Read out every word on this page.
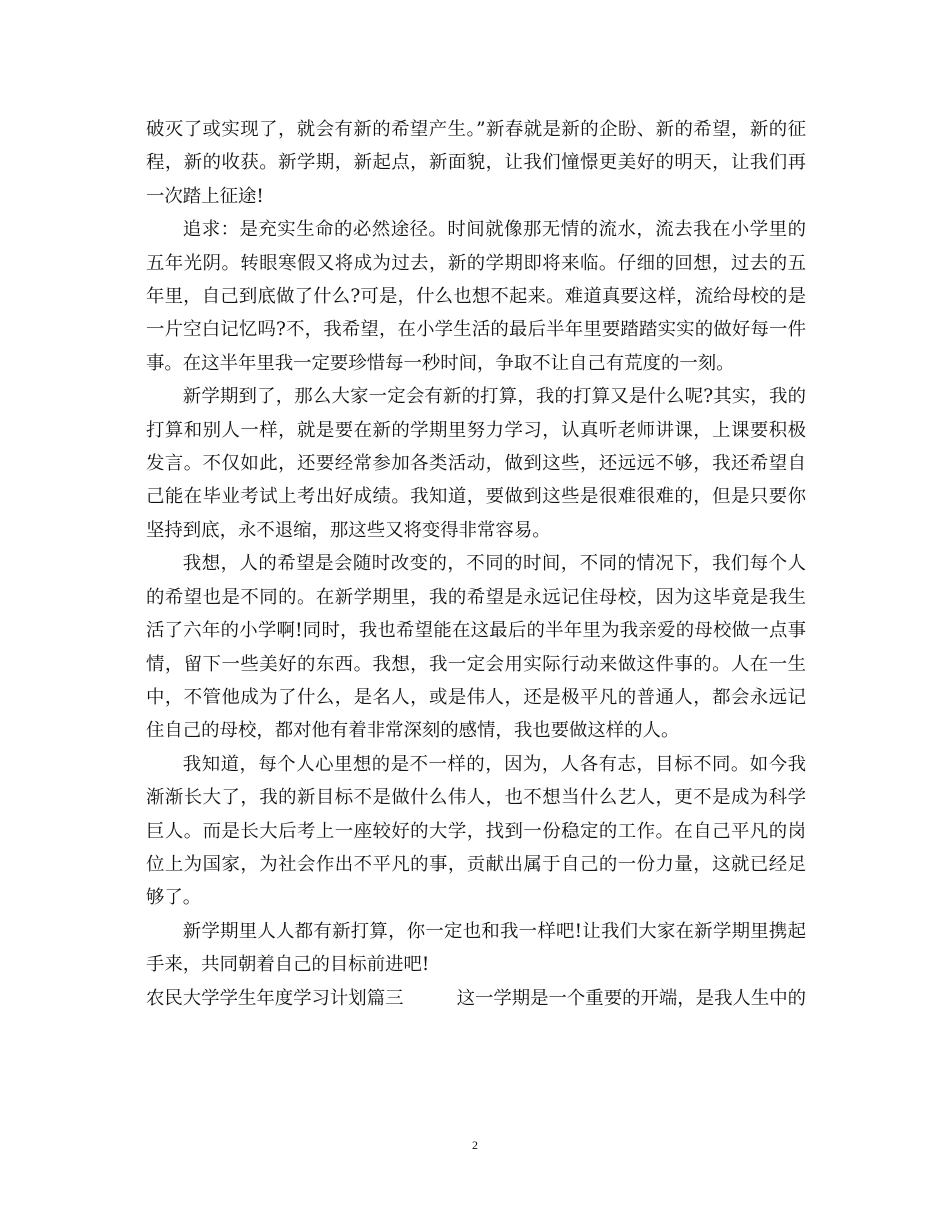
破灭了或实现了，就会有新的希望产生。”新春就是新的企盼、新的希望，新的征程，新的收获。新学期，新起点，新面貌，让我们憧憬更美好的明天，让我们再一次踏上征途!

追求：是充实生命的必然途径。时间就像那无情的流水，流去我在小学里的五年光阴。转眼寒假又将成为过去，新的学期即将来临。仔细的回想，过去的五年里，自己到底做了什么?可是，什么也想不起来。难道真要这样，流给母校的是一片空白记忆吗?不，我希望，在小学生活的最后半年里要踏踏实实的做好每一件事。在这半年里我一定要珍惜每一秒时间，争取不让自己有荒度的一刻。

新学期到了，那么大家一定会有新的打算，我的打算又是什么呢?其实，我的打算和别人一样，就是要在新的学期里努力学习，认真听老师讲课，上课要积极发言。不仅如此，还要经常参加各类活动，做到这些，还远远不够，我还希望自己能在毕业考试上考出好成绩。我知道，要做到这些是很难很难的，但是只要你坚持到底，永不退缩，那这些又将变得非常容易。

我想，人的希望是会随时改变的，不同的时间，不同的情况下，我们每个人的希望也是不同的。在新学期里，我的希望是永远记住母校，因为这毕竟是我生活了六年的小学啊!同时，我也希望能在这最后的半年里为我亲爱的母校做一点事情，留下一些美好的东西。我想，我一定会用实际行动来做这件事的。人在一生中，不管他成为了什么，是名人，或是伟人，还是极平凡的普通人，都会永远记住自己的母校，都对他有着非常深刻的感情，我也要做这样的人。

我知道，每个人心里想的是不一样的，因为，人各有志，目标不同。如今我渐渐长大了，我的新目标不是做什么伟人，也不想当什么艺人，更不是成为科学巨人。而是长大后考上一座较好的大学，找到一份稳定的工作。在自己平凡的岗位上为国家，为社会作出不平凡的事，贡献出属于自己的一份力量，这就已经足够了。

新学期里人人都有新打算，你一定也和我一样吧!让我们大家在新学期里携起手来，共同朝着自己的目标前进吧!

农民大学学生年度学习计划篇三	这一学期是一个重要的开端，是我人生中的
2
